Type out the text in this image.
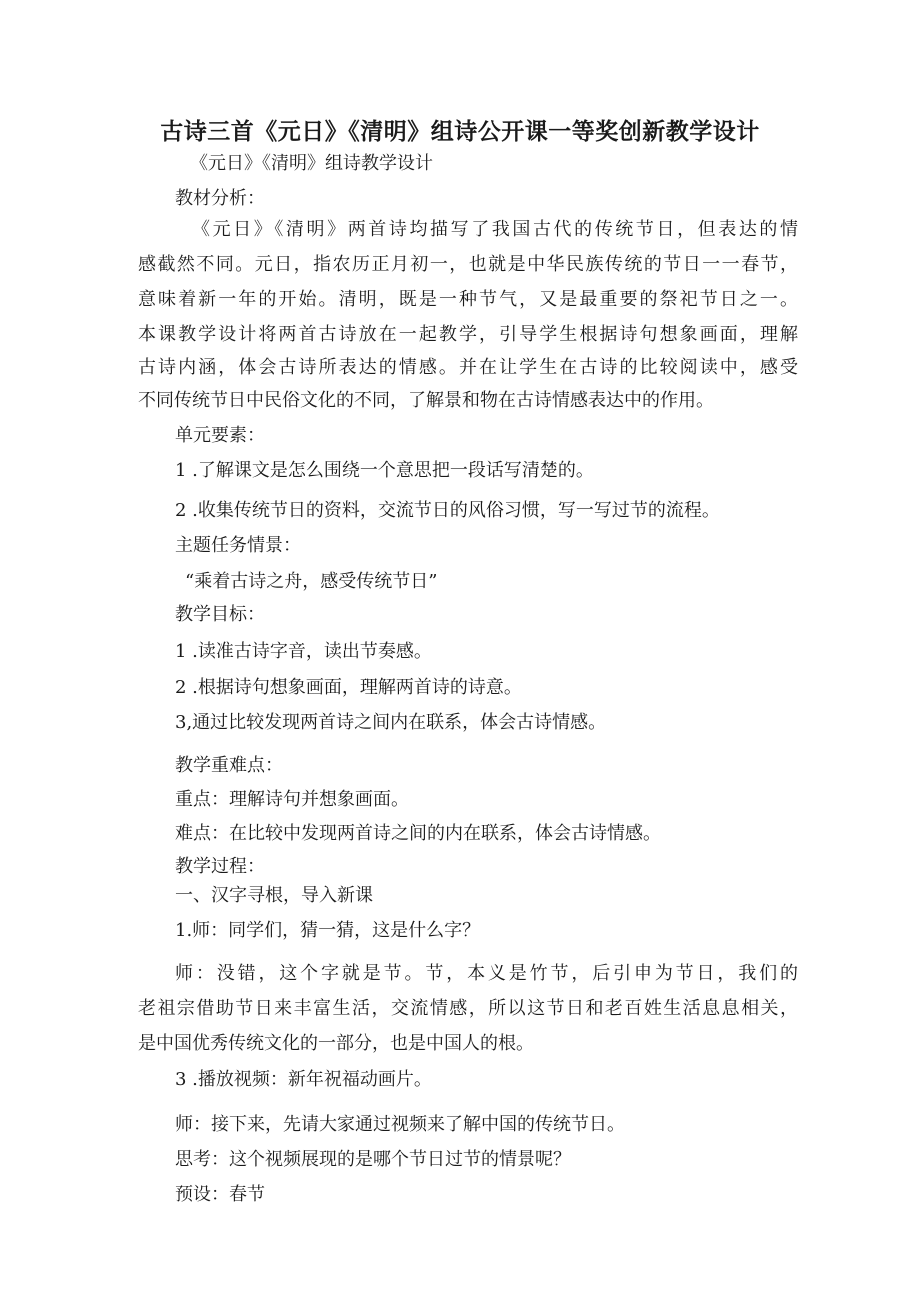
古诗三首《元日》《清明》组诗公开课一等奖创新教学设计

《元日》《清明》组诗教学设计

教材分析：

《元日》《清明》两首诗均描写了我国古代的传统节日，但表达的情

感截然不同。元日，指农历正月初一，也就是中华民族传统的节日一一春节，

意味着新一年的开始。清明，既是一种节气，又是最重要的祭祀节日之一。

本课教学设计将两首古诗放在一起教学，引导学生根据诗句想象画面，理解

古诗内涵，体会古诗所表达的情感。并在让学生在古诗的比较阅读中，感受

不同传统节日中民俗文化的不同，了解景和物在古诗情感表达中的作用。

单元要素：

1 .了解课文是怎么围绕一个意思把一段话写清楚的。

2 .收集传统节日的资料，交流节日的风俗习惯，写一写过节的流程。

主题任务情景：

“乘着古诗之舟，感受传统节日”

教学目标：

1 .读准古诗字音，读出节奏感。

2 .根据诗句想象画面，理解两首诗的诗意。

3,通过比较发现两首诗之间内在联系，体会古诗情感。

教学重难点：

重点：理解诗句并想象画面。

难点：在比较中发现两首诗之间的内在联系，体会古诗情感。

教学过程：

一、汉字寻根，导入新课

1.师：同学们，猜一猜，这是什么字？

师：没错，这个字就是节。节，本义是竹节，后引申为节日，我们的

老祖宗借助节日来丰富生活，交流情感，所以这节日和老百姓生活息息相关，

是中国优秀传统文化的一部分，也是中国人的根。

3 .播放视频：新年祝福动画片。

师：接下来，先请大家通过视频来了解中国的传统节日。

思考：这个视频展现的是哪个节日过节的情景呢？

预设：春节
